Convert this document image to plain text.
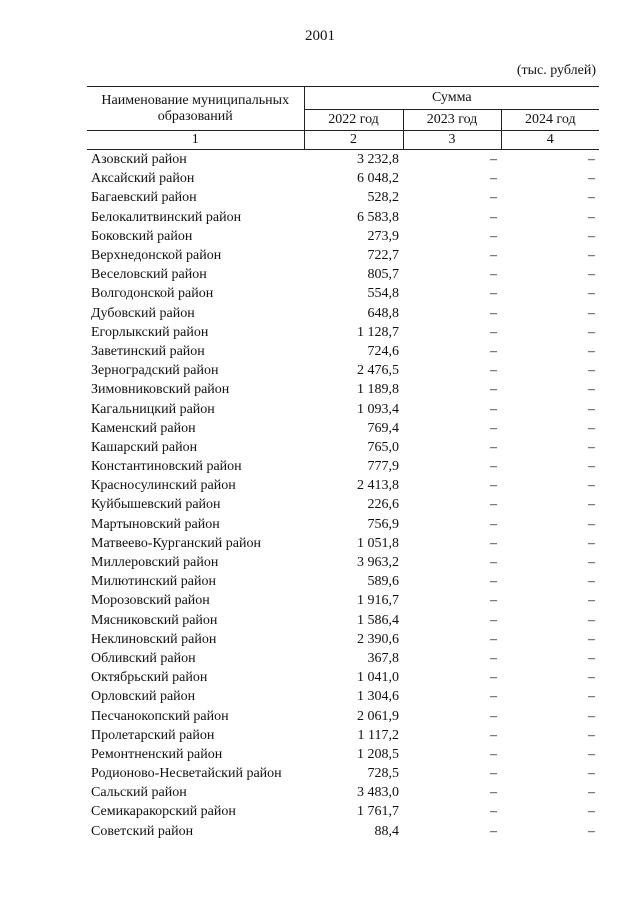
2001
(тыс. рублей)
Наименование муниципальных образований	Сумма		
	2022 год	2023 год	2024 год
1	2	3	4
Азовский район	3 232,8	–	–
Аксайский район	6 048,2	–	–
Багаевский район	528,2	–	–
Белокалитвинский район	6 583,8	–	–
Боковский район	273,9	–	–
Верхнедонской район	722,7	–	–
Веселовский район	805,7	–	–
Волгодонской район	554,8	–	–
Дубовский район	648,8	–	–
Егорлыкский район	1 128,7	–	–
Заветинский район	724,6	–	–
Зерноградский район	2 476,5	–	–
Зимовниковский район	1 189,8	–	–
Кагальницкий район	1 093,4	–	–
Каменский район	769,4	–	–
Кашарский район	765,0	–	–
Константиновский район	777,9	–	–
Красносулинский район	2 413,8	–	–
Куйбышевский район	226,6	–	–
Мартыновский район	756,9	–	–
Матвеево-Курганский район	1 051,8	–	–
Миллеровский район	3 963,2	–	–
Милютинский район	589,6	–	–
Морозовский район	1 916,7	–	–
Мясниковский район	1 586,4	–	–
Неклиновский район	2 390,6	–	–
Обливский район	367,8	–	–
Октябрьский район	1 041,0	–	–
Орловский район	1 304,6	–	–
Песчанокопский район	2 061,9	–	–
Пролетарский район	1 117,2	–	–
Ремонтненский район	1 208,5	–	–
Родионово-Несветайский район	728,5	–	–
Сальский район	3 483,0	–	–
Семикаракорский район	1 761,7	–	–
Советский район	88,4	–	–
